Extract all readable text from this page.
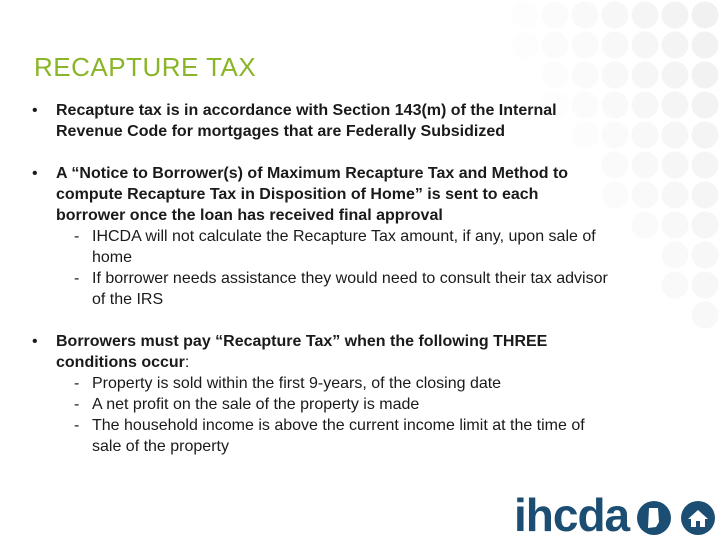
RECAPTURE TAX
• Recapture tax is in accordance with Section 143(m) of the Internal
Revenue Code for mortgages that are Federally Subsidized
• A “Notice to Borrower(s) of Maximum Recapture Tax and Method to
compute Recapture Tax in Disposition of Home” is sent to each
borrower once the loan has received final approval
- IHCDA will not calculate the Recapture Tax amount, if any, upon sale of
home
- If borrower needs assistance they would need to consult their tax advisor
of the IRS
• Borrowers must pay “Recapture Tax” when the following THREE
conditions occur:
- Property is sold within the first 9-years, of the closing date
- A net profit on the sale of the property is made
- The household income is above the current income limit at the time of
sale of the property
ihcda
